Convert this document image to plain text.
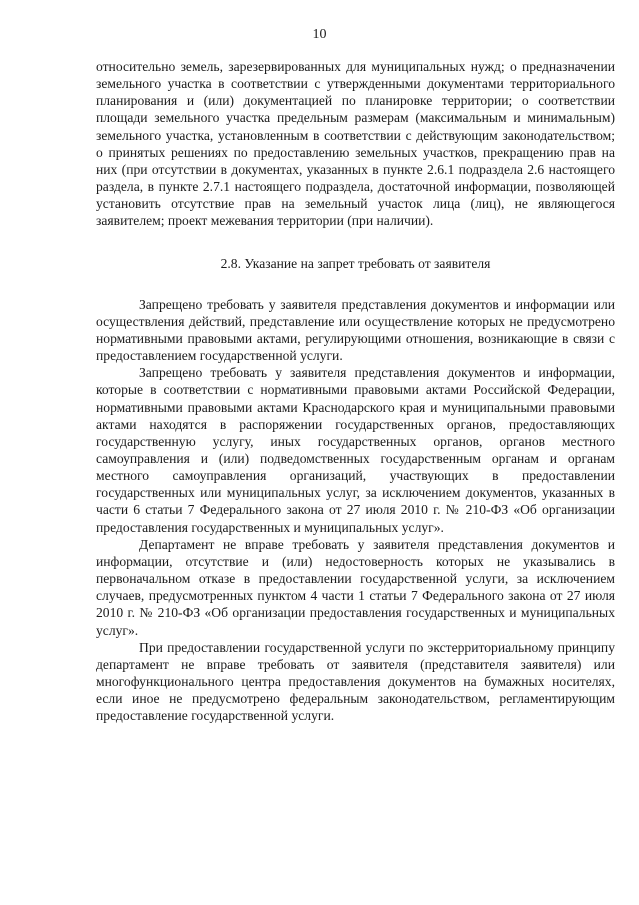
10

относительно земель, зарезервированных для муниципальных нужд; о предназначении земельного участка в соответствии с утвержденными документами территориального планирования и (или) документацией по планировке территории; о соответствии площади земельного участка предельным размерам (максимальным и минимальным) земельного участка, установленным в соответствии с действующим законодательством; о принятых решениях по предоставлению земельных участков, прекращению прав на них (при отсутствии в документах, указанных в пункте 2.6.1 подраздела 2.6 настоящего раздела, в пункте 2.7.1 настоящего подраздела, достаточной информации, позволяющей установить отсутствие прав на земельный участок лица (лиц), не являющегося заявителем; проект межевания территории (при наличии).

2.8. Указание на запрет требовать от заявителя

Запрещено требовать у заявителя представления документов и информации или осуществления действий, представление или осуществление которых не предусмотрено нормативными правовыми актами, регулирующими отношения, возникающие в связи с предоставлением государственной услуги.

Запрещено требовать у заявителя представления документов и информации, которые в соответствии с нормативными правовыми актами Российской Федерации, нормативными правовыми актами Краснодарского края и муниципальными правовыми актами находятся в распоряжении государственных органов, предоставляющих государственную услугу, иных государственных органов, органов местного самоуправления и (или) подведомственных государственным органам и органам местного самоуправления организаций, участвующих в предоставлении государственных или муниципальных услуг, за исключением документов, указанных в части 6 статьи 7 Федерального закона от 27 июля 2010 г. № 210-ФЗ «Об организации предоставления государственных и муниципальных услуг».

Департамент не вправе требовать у заявителя представления документов и информации, отсутствие и (или) недостоверность которых не указывались в первоначальном отказе в предоставлении государственной услуги, за исключением случаев, предусмотренных пунктом 4 части 1 статьи 7 Федерального закона от 27 июля 2010 г. № 210-ФЗ «Об организации предоставления государственных и муниципальных услуг».

При предоставлении государственной услуги по экстерриториальному принципу департамент не вправе требовать от заявителя (представителя заявителя) или многофункционального центра предоставления документов на бумажных носителях, если иное не предусмотрено федеральным законодательством, регламентирующим предоставление государственной услуги.
